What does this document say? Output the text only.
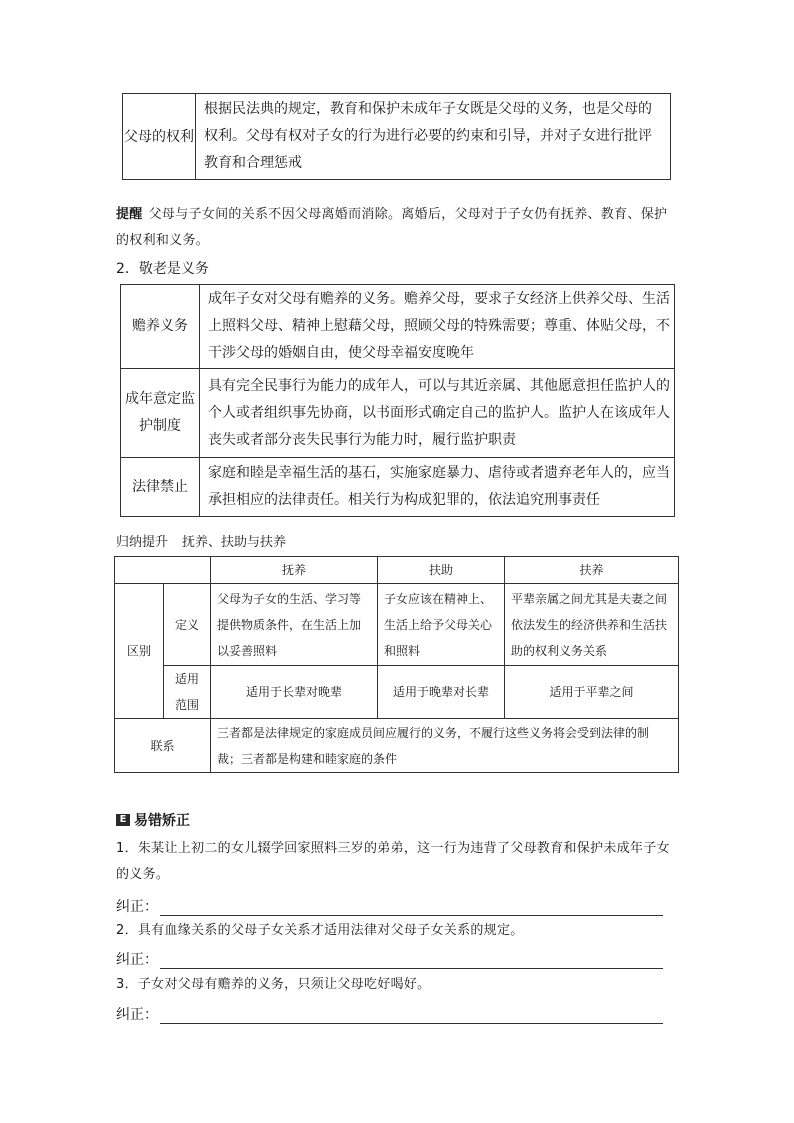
父母的权利	根据民法典的规定，教育和保护未成年子女既是父母的义务，也是父母的权利。父母有权对子女的行为进行必要的约束和引导，并对子女进行批评教育和合理惩戒
提醒 父母与子女间的关系不因父母离婚而消除。离婚后，父母对于子女仍有抚养、教育、保护的权利和义务。
2．敬老是义务
赡养义务	成年子女对父母有赡养的义务。赡养父母，要求子女经济上供养父母、生活上照料父母、精神上慰藉父母，照顾父母的特殊需要；尊重、体贴父母，不干涉父母的婚姻自由，使父母幸福安度晚年
成年意定监护制度	具有完全民事行为能力的成年人，可以与其近亲属、其他愿意担任监护人的个人或者组织事先协商，以书面形式确定自己的监护人。监护人在该成年人丧失或者部分丧失民事行为能力时，履行监护职责
法律禁止	家庭和睦是幸福生活的基石，实施家庭暴力、虐待或者遗弃老年人的，应当承担相应的法律责任。相关行为构成犯罪的，依法追究刑事责任
归纳提升 抚养、扶助与扶养
		抚养	扶助	扶养
区别	定义	父母为子女的生活、学习等提供物质条件，在生活上加以妥善照料	子女应该在精神上、生活上给予父母关心和照料	平辈亲属之间尤其是夫妻之间依法发生的经济供养和生活扶助的权利义务关系
	适用范围	适用于长辈对晚辈	适用于晚辈对长辈	适用于平辈之间
联系		三者都是法律规定的家庭成员间应履行的义务，不履行这些义务将会受到法律的制裁；三者都是构建和睦家庭的条件		
E 易错矫正
1．朱某让上初二的女儿辍学回家照料三岁的弟弟，这一行为违背了父母教育和保护未成年子女的义务。
纠正：
2．具有血缘关系的父母子女关系才适用法律对父母子女关系的规定。
纠正：
3．子女对父母有赡养的义务，只须让父母吃好喝好。
纠正：
